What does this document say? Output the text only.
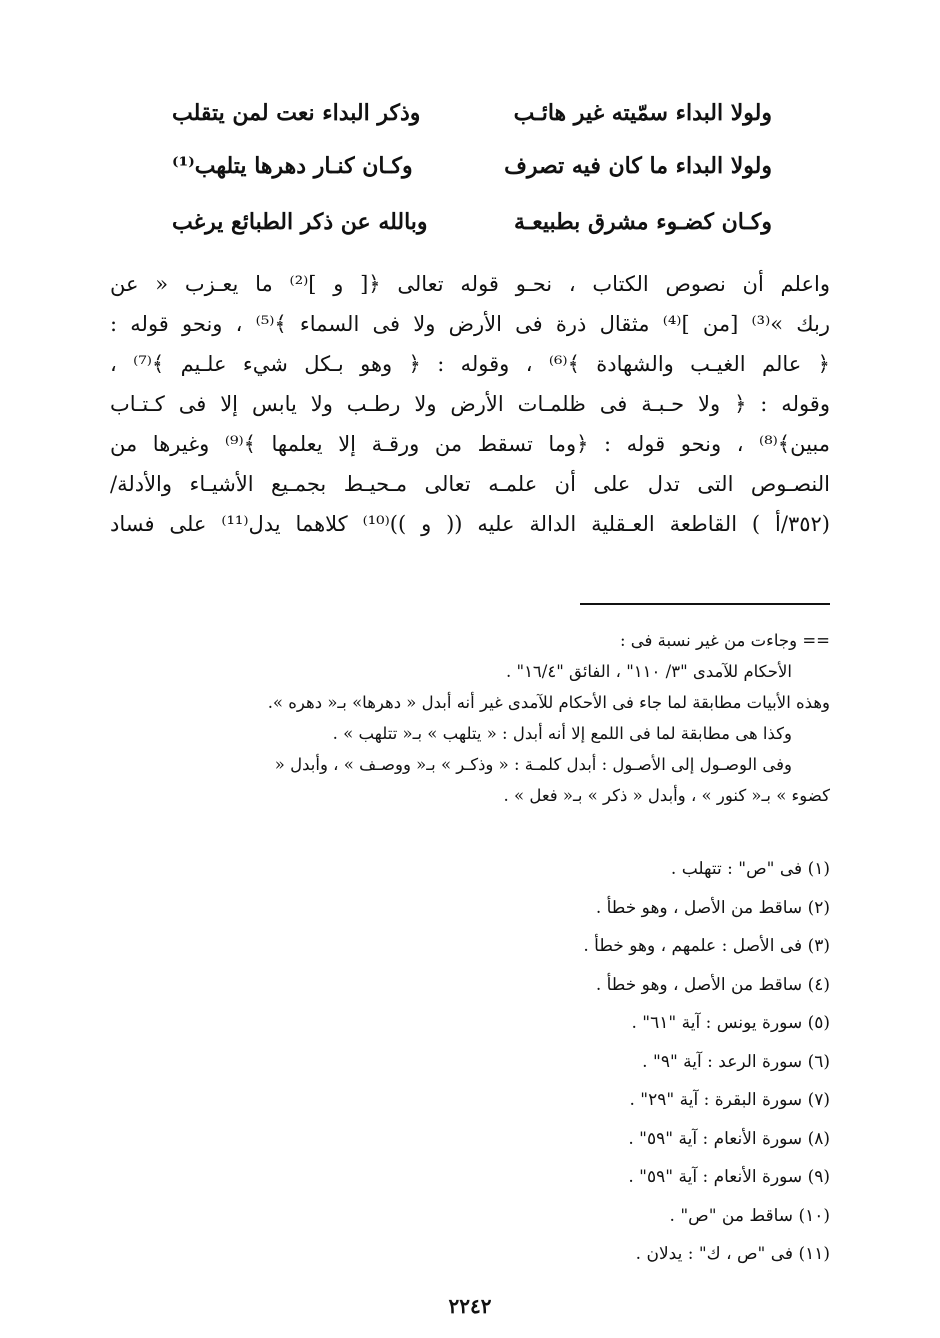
ولولا البداء سمّيته غير هائـب
وذكر البداء نعت لمن يتقلب
ولولا البداء ما كان فيه تصرف
وكـان كنـار دهرها يتلهب⁽¹⁾
وكـان كضـوء مشرق بطبيعـة
وبالله عن ذكر الطبائع يرغب
واعلم أن نصوص الكتاب ، نحـو قوله تعالى ﴿[ و ]⁽²⁾ ما يعـزب « عن
ربك »⁽³⁾ [من ]⁽⁴⁾ مثقال ذرة فى الأرض ولا فى السماء ﴾⁽⁵⁾ ، ونحو قوله :
﴿ عالم الغيـب والشهادة ﴾⁽⁶⁾ ، وقوله : ﴿ وهو بـكل شيء علـيم ﴾⁽⁷⁾ ،
وقوله : ﴿ ولا حـبـة فى ظلمـات الأرض ولا رطـب ولا يابس إلا فى كـتـاب
مبين﴾⁽⁸⁾ ، ونحو قوله : ﴿وما تسقط من ورقـة إلا يعلمها ﴾⁽⁹⁾ وغيرها من
النصـوص التى تدل على أن علمـه تعالى مـحيـط بجمـيع الأشيـاء والأدلة/
(٣٥٢/أ ) القاطعة العـقلية الدالة عليه (( و ))⁽¹⁰⁾ كلاهما يدل⁽¹¹⁾ على فساد
== وجاءت من غير نسبة فى :
الأحكام للآمدى "٣/ ١١٠" ، الفائق "١٦/٤" .
وهذه الأبيات مطابقة لما جاء فى الأحكام للآمدى غير أنه أبدل « دهرها» بـ« دهره ».
وكذا هى مطابقة لما فى اللمع إلا أنه أبدل : « يتلهب » بـ« تتلهب » .
وفى الوصـول إلى الأصـول : أبدل كلمـة : « وذكـر » بـ« ووصـف » ، وأبدل «
كضوء » بـ« كنور » ، وأبدل « ذكر » بـ« فعل » .
(١) فى "ص" : تتهلب .
(٢) ساقط من الأصل ، وهو خطأ .
(٣) فى الأصل : علمهم ، وهو خطأ .
(٤) ساقط من الأصل ، وهو خطأ .
(٥) سورة يونس : آية "٦١" .
(٦) سورة الرعد : آية "٩" .
(٧) سورة البقرة : آية "٢٩" .
(٨) سورة الأنعام : آية "٥٩" .
(٩) سورة الأنعام : آية "٥٩" .
(١٠) ساقط من "ص" .
(١١) فى "ص ، ك" : يدلان .
٢٢٤٢
